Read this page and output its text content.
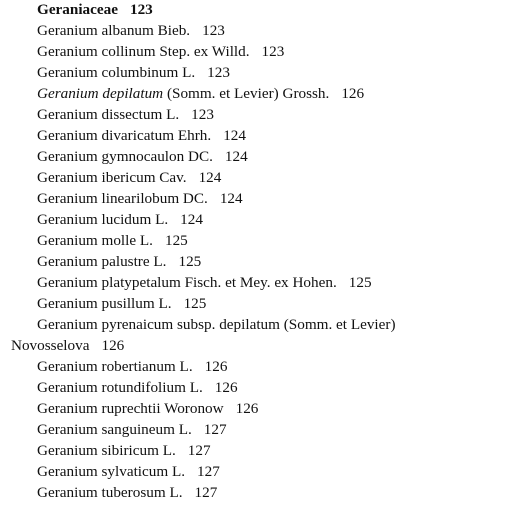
Geraniaceae 123
Geranium albanum Bieb. 123
Geranium collinum Step. ex Willd. 123
Geranium columbinum L. 123
Geranium depilatum (Somm. et Levier) Grossh. 126
Geranium dissectum L. 123
Geranium divaricatum Ehrh. 124
Geranium gymnocaulon DC. 124
Geranium ibericum Cav. 124
Geranium linearilobum DC. 124
Geranium lucidum L. 124
Geranium molle L. 125
Geranium palustre L. 125
Geranium platypetalum Fisch. et Mey. ex Hohen. 125
Geranium pusillum L. 125
Geranium pyrenaicum subsp. depilatum (Somm. et Levier)
Novosselova 126
Geranium robertianum L. 126
Geranium rotundifolium L. 126
Geranium ruprechtii Woronow 126
Geranium sanguineum L. 127
Geranium sibiricum L. 127
Geranium sylvaticum L. 127
Geranium tuberosum L. 127
